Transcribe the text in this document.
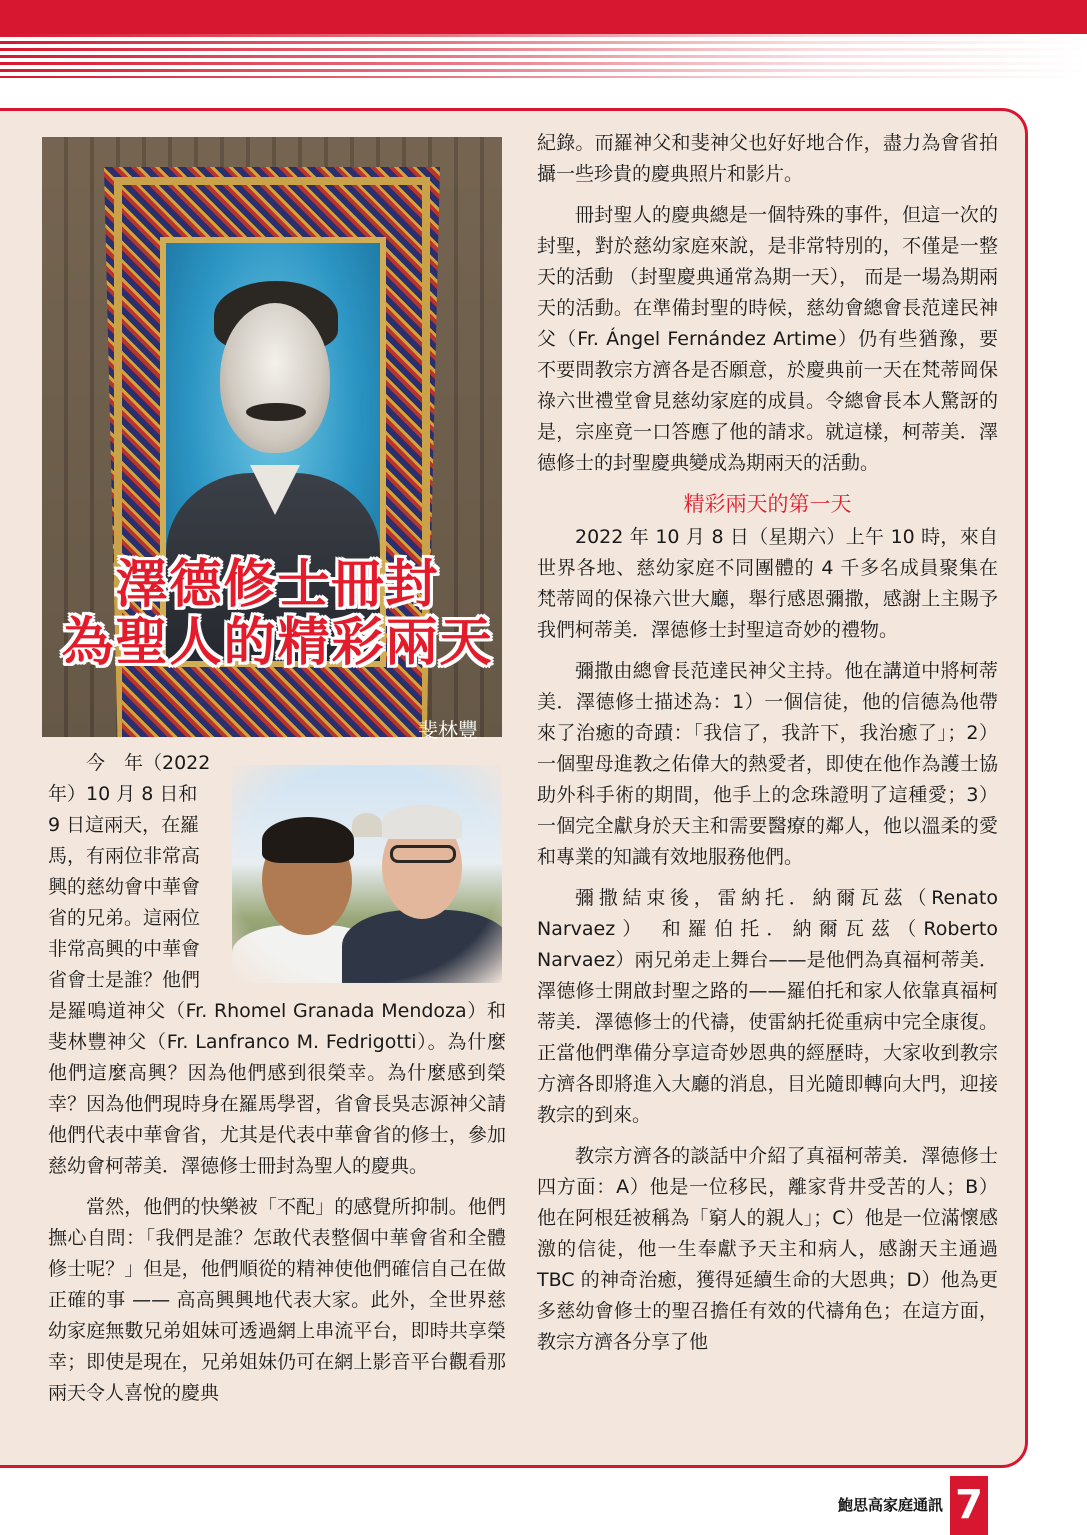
澤德修士冊封
為聖人的精彩兩天
斐林豐

今　年（2022

年）10 月 8 日和

9 日這兩天，在羅

馬，有兩位非常高

興的慈幼會中華會

省的兄弟。這兩位

非常高興的中華會

省會士是誰？他們

是羅鳴道神父（Fr. Rhomel Granada Mendoza）和斐林豐神父（Fr. Lanfranco M. Fedrigotti）。為什麼他們這麼高興？因為他們感到很榮幸。為什麼感到榮幸？因為他們現時身在羅馬學習，省會長吳志源神父請他們代表中華會省，尤其是代表中華會省的修士，參加慈幼會柯蒂美．澤德修士冊封為聖人的慶典。

當然，他們的快樂被「不配」的感覺所抑制。他們撫心自問：「我們是誰？怎敢代表整個中華會省和全體修士呢？」但是，他們順從的精神使他們確信自己在做正確的事 —— 高高興興地代表大家。此外，全世界慈幼家庭無數兄弟姐妹可透過網上串流平台，即時共享榮幸；即使是現在，兄弟姐妹仍可在網上影音平台觀看那兩天令人喜悅的慶典

紀錄。而羅神父和斐神父也好好地合作，盡力為會省拍攝一些珍貴的慶典照片和影片。

冊封聖人的慶典總是一個特殊的事件，但這一次的封聖，對於慈幼家庭來說，是非常特別的，不僅是一整天的活動 （封聖慶典通常為期一天）， 而是一場為期兩天的活動。在準備封聖的時候，慈幼會總會長范達民神父（Fr. Ángel Fernández Artime）仍有些猶豫，要不要問教宗方濟各是否願意，於慶典前一天在梵蒂岡保祿六世禮堂會見慈幼家庭的成員。令總會長本人驚訝的是，宗座竟一口答應了他的請求。就這樣，柯蒂美．澤德修士的封聖慶典變成為期兩天的活動。

精彩兩天的第一天

2022 年 10 月 8 日（星期六）上午 10 時，來自世界各地、慈幼家庭不同團體的 4 千多名成員聚集在梵蒂岡的保祿六世大廳，舉行感恩彌撒，感謝上主賜予我們柯蒂美．澤德修士封聖這奇妙的禮物。

彌撒由總會長范達民神父主持。他在講道中將柯蒂美．澤德修士描述為：1）一個信徒，他的信德為他帶來了治癒的奇蹟：「我信了，我許下，我治癒了」；2）一個聖母進教之佑偉大的熱愛者，即使在他作為護士協助外科手術的期間，他手上的念珠證明了這種愛；3）一個完全獻身於天主和需要醫療的鄰人，他以溫柔的愛和專業的知識有效地服務他們。

彌撒結束後，雷納托．納爾瓦茲（Renato Narvaez） 和羅伯托．納爾瓦茲（Roberto Narvaez）兩兄弟走上舞台——是他們為真福柯蒂美．澤德修士開啟封聖之路的——羅伯托和家人依靠真福柯蒂美．澤德修士的代禱，使雷納托從重病中完全康復。正當他們準備分享這奇妙恩典的經歷時，大家收到教宗方濟各即將進入大廳的消息，目光隨即轉向大門，迎接教宗的到來。

教宗方濟各的談話中介紹了真福柯蒂美．澤德修士四方面：A）他是一位移民，離家背井受苦的人；B）他在阿根廷被稱為「窮人的親人」；C）他是一位滿懷感激的信徒，他一生奉獻予天主和病人，感謝天主通過 TBC 的神奇治癒，獲得延續生命的大恩典；D）他為更多慈幼會修士的聖召擔任有效的代禱角色；在這方面，教宗方濟各分享了他

鮑思高家庭通訊 7
